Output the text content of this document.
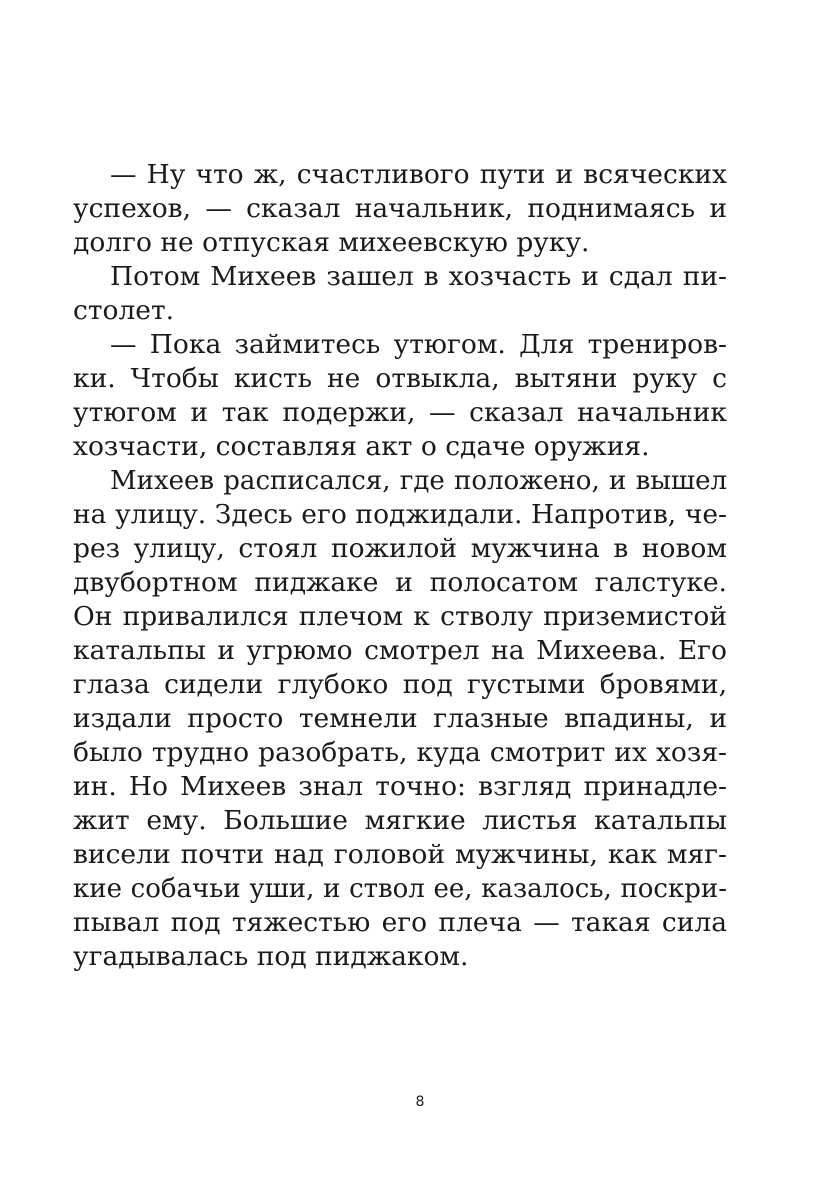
— Ну что ж, счастливого пути и всяческих
успехов, — сказал начальник, поднимаясь и
долго не отпуская михеевскую руку.
Потом Михеев зашел в хозчасть и сдал пи-
столет.
— Пока займитесь утюгом. Для трениров-
ки. Чтобы кисть не отвыкла, вытяни руку с
утюгом и так подержи, — сказал начальник
хозчасти, составляя акт о сдаче оружия.
Михеев расписался, где положено, и вышел
на улицу. Здесь его поджидали. Напротив, че-
рез улицу, стоял пожилой мужчина в новом
двубортном пиджаке и полосатом галстуке.
Он привалился плечом к стволу приземистой
катальпы и угрюмо смотрел на Михеева. Его
глаза сидели глубоко под густыми бровями,
издали просто темнели глазные впадины, и
было трудно разобрать, куда смотрит их хозя-
ин. Но Михеев знал точно: взгляд принадле-
жит ему. Большие мягкие листья катальпы
висели почти над головой мужчины, как мяг-
кие собачьи уши, и ствол ее, казалось, поскри-
пывал под тяжестью его плеча — такая сила
угадывалась под пиджаком.
8
